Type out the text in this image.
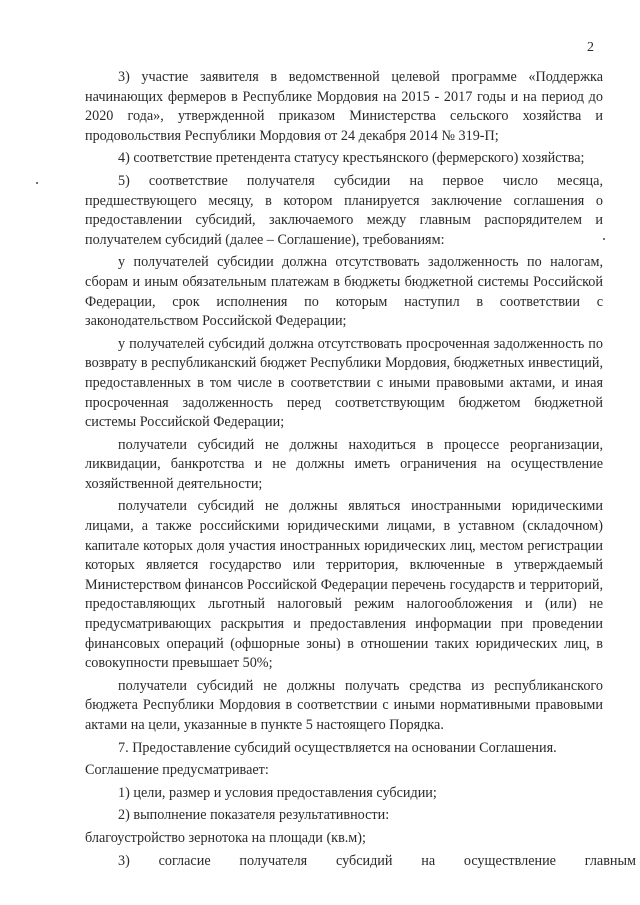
2

3) участие заявителя в ведомственной целевой программе «Поддержка начинающих фермеров в Республике Мордовия на 2015 - 2017 годы и на период до 2020 года», утвержденной приказом Министерства сельского хозяйства и продовольствия Республики Мордовия от 24 декабря 2014 № 319-П;

4) соответствие претендента статусу крестьянского (фермерского) хозяйства;

5) соответствие получателя субсидии на первое число месяца, предшествующего месяцу, в котором планируется заключение соглашения о предоставлении субсидий, заключаемого между главным распорядителем и получателем субсидий (далее – Соглашение), требованиям:

у получателей субсидии должна отсутствовать задолженность по налогам, сборам и иным обязательным платежам в бюджеты бюджетной системы Российской Федерации, срок исполнения по которым наступил в соответствии с законодательством Российской Федерации;

у получателей субсидий должна отсутствовать просроченная задолженность по возврату в республиканский бюджет Республики Мордовия, бюджетных инвестиций, предоставленных в том числе в соответствии с иными правовыми актами, и иная просроченная задолженность перед соответствующим бюджетом бюджетной системы Российской Федерации;

получатели субсидий не должны находиться в процессе реорганизации, ликвидации, банкротства и не должны иметь ограничения на осуществление хозяйственной деятельности;

получатели субсидий не должны являться иностранными юридическими лицами, а также российскими юридическими лицами, в уставном (складочном) капитале которых доля участия иностранных юридических лиц, местом регистрации которых является государство или территория, включенные в утверждаемый Министерством финансов Российской Федерации перечень государств и территорий, предоставляющих льготный налоговый режим налогообложения и (или) не предусматривающих раскрытия и предоставления информации при проведении финансовых операций (офшорные зоны) в отношении таких юридических лиц, в совокупности превышает 50%;

получатели субсидий не должны получать средства из республиканского бюджета Республики Мордовия в соответствии с иными нормативными правовыми актами на цели, указанные в пункте 5 настоящего Порядка.

7. Предоставление субсидий осуществляется на основании Соглашения.

Соглашение предусматривает:

1) цели, размер и условия предоставления субсидии;

2) выполнение показателя результативности:

благоустройство зернотока на площади (кв.м);

3) согласие получателя субсидий на осуществление главным
